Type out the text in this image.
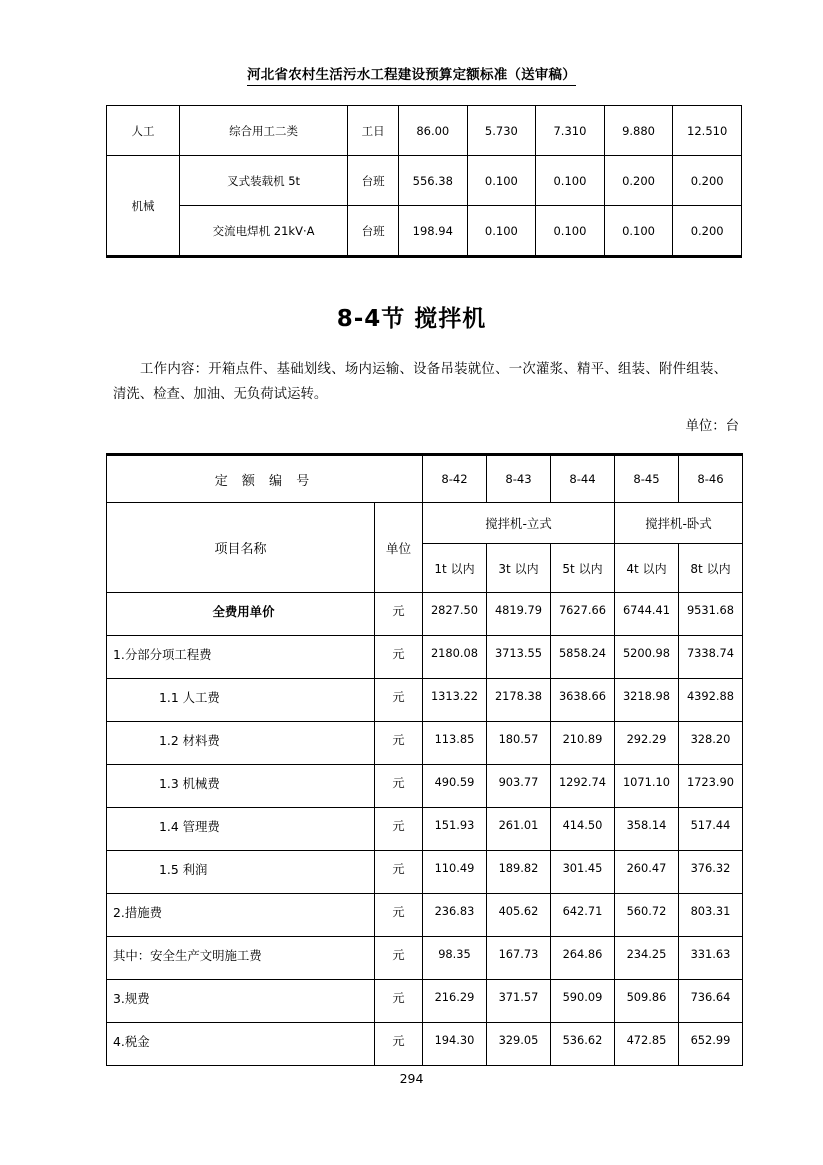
河北省农村生活污水工程建设预算定额标准（送审稿）
人工	综合用工二类	工日	86.00	5.730	7.310	9.880	12.510
机械	叉式装载机 5t	台班	556.38	0.100	0.100	0.200	0.200
	交流电焊机 21kV·A	台班	198.94	0.100	0.100	0.100	0.200
8-4节 搅拌机
工作内容：开箱点件、基础划线、场内运输、设备吊装就位、一次灌浆、精平、组装、附件组装、清洗、检查、加油、无负荷试运转。
单位：台
定 额 编 号		8-42	8-43	8-44	8-45	8-46
项目名称	单位	搅拌机-立式			搅拌机-卧式	
		1t 以内	3t 以内	5t 以内	4t 以内	8t 以内
全费用单价	元	2827.50	4819.79	7627.66	6744.41	9531.68
1.分部分项工程费	元	2180.08	3713.55	5858.24	5200.98	7338.74
1.1 人工费	元	1313.22	2178.38	3638.66	3218.98	4392.88
1.2 材料费	元	113.85	180.57	210.89	292.29	328.20
1.3 机械费	元	490.59	903.77	1292.74	1071.10	1723.90
1.4 管理费	元	151.93	261.01	414.50	358.14	517.44
1.5 利润	元	110.49	189.82	301.45	260.47	376.32
2.措施费	元	236.83	405.62	642.71	560.72	803.31
其中：安全生产文明施工费	元	98.35	167.73	264.86	234.25	331.63
3.规费	元	216.29	371.57	590.09	509.86	736.64
4.税金	元	194.30	329.05	536.62	472.85	652.99
294
